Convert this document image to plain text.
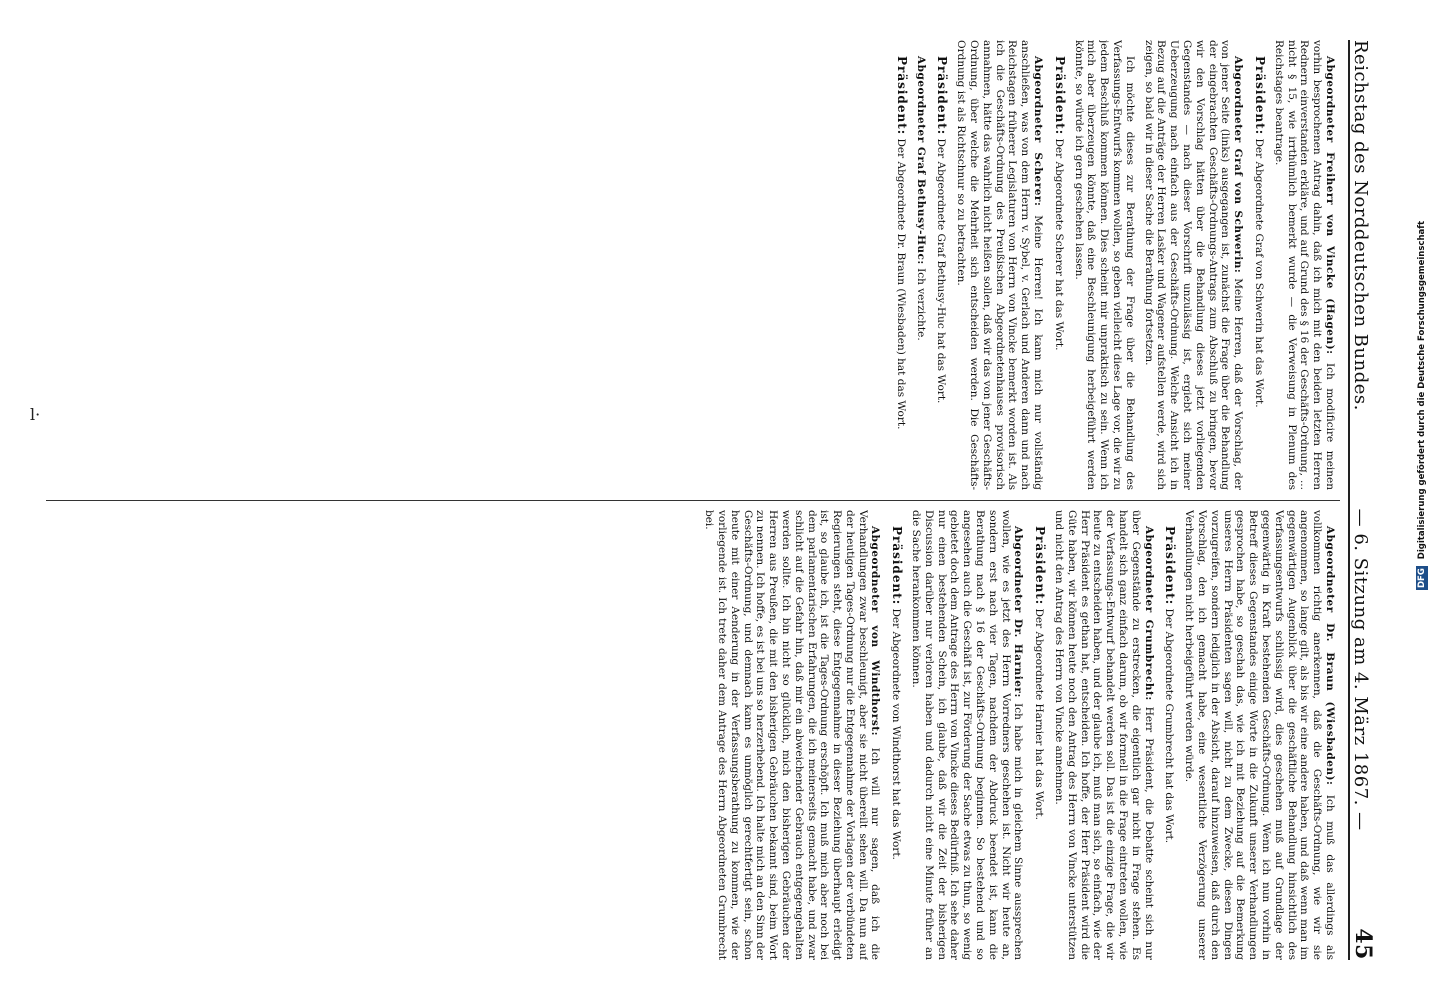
ⅼ·
Reichstag des Norddeutschen Bundes.
— 6. Sitzung am 4. März 1867. —
45

Abgeordneter Freiherr von Vincke (Hagen): Ich modificire meinen vorhin besprochenen Antrag dahin, daß ich mich mit den beiden letzten Herren Rednern einverstanden erkläre, und auf Grund des § 16 der Geschäfts-Ordnung, ... nicht § 15, wie irrthümlich bemerkt wurde — die Verweisung in Plenum des Reichstages beantrage.

Präsident: Der Abgeordnete Graf von Schwerin hat das Wort.

Abgeordneter Graf von Schwerin: Meine Herren, daß der Vorschlag, der von jener Seite (links) ausgegangen ist, zunächst die Frage über die Behandlung der eingebrachten Geschäfts-Ordnungs-Antrags zum Abschluß zu bringen, bevor wir den Vorschlag hätten über die Behandlung dieses jetzt vorliegenden Gegenstandes — nach dieser Vorschrift unzulässig ist, ergiebt sich meiner Ueberzeugung nach einfach aus der Geschäfts-Ordnung. Welche Ansicht ich in Bezug auf die Anträge der Herren Lasker und Wagener aufstellen werde, wird sich zeigen, so bald wir in dieser Sache die Berathung fortsetzen.

Ich möchte dieses zur Berathung der Frage über die Behandlung des Verfassungs-Entwurfs kommen wollen, so geben vielleicht diese Lage vor, die wir zu jedem Beschluß kommen können. Dies scheint mir unpraktisch zu sein. Wenn ich mich aber überzeugen könnte, daß eine Beschleunigung herbeigeführt werden könnte, so würde ich gern geschehen lassen.

Präsident: Der Abgeordnete Scherer hat das Wort.

Abgeordneter Scherer: Meine Herren! Ich kann mich nur vollständig anschließen, was von dem Herrn v. Sybel, v. Gerlach und Anderen dann und nach Reichstagen früherer Legislaturen von Herrn von Vincke bemerkt worden ist. Als ich die Geschäfts-Ordnung des Preußischen Abgeordnetenhauses provisorisch annahmen, hätte das wahrlich nicht heißen sollen, daß wir das von jener Geschäfts-Ordnung, über welche die Mehrheit sich entscheiden werden. Die Geschäfts-Ordnung ist als Richtschnur so zu betrachten.

Präsident: Der Abgeordnete Graf Bethusy-Huc hat das Wort.

Abgeordneter Graf Bethusy-Huc: Ich verzichte.

Präsident: Der Abgeordnete Dr. Braun (Wiesbaden) hat das Wort.

Abgeordneter Dr. Braun (Wiesbaden): Ich muß das allerdings als vollkommen richtig anerkennen, daß die Geschäfts-Ordnung, wie wir sie angenommen, so lange gilt, als bis wir eine andere haben, und daß wenn man im gegenwärtigen Augenblick über die geschäftliche Behandlung hinsichtlich des Verfassungsentwurfs schlüssig wird, dies geschehen muß auf Grundlage der gegenwärtig in Kraft bestehenden Geschäfts-Ordnung. Wenn ich nun vorhin in Betreff dieses Gegenstandes einige Worte in die Zukunft unserer Verhandlungen gesprochen habe, so geschah das, wie ich mit Beziehung auf die Bemerkung unseres Herrn Präsidenten sagen will, nicht zu dem Zwecke, diesen Dingen vorzugreifen, sondern lediglich in der Absicht, darauf hinzuweisen, daß durch den Vorschlag, den ich gemacht habe, eine wesentliche Verzögerung unserer Verhandlungen nicht herbeigeführt werden würde.

Präsident: Der Abgeordnete Grumbrecht hat das Wort.

Abgeordneter Grumbrecht: Herr Präsident, die Debatte scheint sich nur über Gegenstände zu erstrecken, die eigentlich gar nicht in Frage stehen. Es handelt sich ganz einfach darum, ob wir formell in die Frage eintreten wollen, wie der Verfassungs-Entwurf behandelt werden soll. Das ist die einzige Frage, die wir heute zu entscheiden haben, und der glaube ich, muß man sich, so einfach, wie der Herr Präsident es gethan hat, entscheiden. Ich hoffe, der Herr Präsident wird die Güte haben, wir können heute noch den Antrag des Herrn von Vincke unterstützen und nicht den Antrag des Herrn von Vincke annehmen.

Präsident: Der Abgeordnete Harnier hat das Wort.

Abgeordneter Dr. Harnier: Ich habe mich in gleichem Sinne aussprechen wollen, wie es jetzt des Herrn Vorredners geschehen ist. Nicht wir heute an, sondern erst nach vier Tagen, nachdem der Abdruck beendet ist, kann die Berathung nach § 16 der Geschäfts-Ordnung beginnen. So bestehend und so angesehen auch die Geschäft ist, zur Förderung der Sache etwas zu thun, so wenig gebietet doch dem Antrage des Herrn von Vincke dieses Bedürfniß. Ich sehe daher nur einen bestehenden Schein, ich glaube, daß wir die Zeit der bisherigen Discussion darüber nur verloren haben und dadurch nicht eine Minute früher an die Sache herankommen können.

Präsident: Der Abgeordnete von Windthorst hat das Wort.

Abgeordneter von Windthorst: Ich will nur sagen, daß ich die Verhandlungen zwar beschleunigt, aber sie nicht übereilt sehen will. Da nun auf der heutigen Tages-Ordnung nur die Entgegennahme der Vorlagen der verbündeten Regierungen steht, diese Entgegennahme in dieser Beziehung überhaupt erledigt ist, so glaube ich, ist die Tages-Ordnung erschöpft. Ich muß mich aber noch bei dem parlamentarischen Erfahrungen, die ich meinerseits gemacht habe, und zwar schlicht auf die Gefahr hin, daß mir ein abweichender Gebrauch entgegengehalten werden sollte. Ich bin nicht so glücklich, mich den bisherigen Gebräuchen der Herren aus Preußen, die mit den bisherigen Gebräuchen bekannt sind, beim Wort zu nennen. Ich hoffe, es ist bei uns so herzerhebend. Ich halte mich an den Sinn der Geschäfts-Ordnung, und demnach kann es unmöglich gerechtfertigt sein, schon heute mit einer Aenderung in der Verfassungsberathung zu kommen, wie der vorliegende ist. Ich trete daher dem Antrage des Herrn Abgeordneten Grumbrecht bei.

DFG Digitalisierung gefördert durch die Deutsche Forschungsgemeinschaft
